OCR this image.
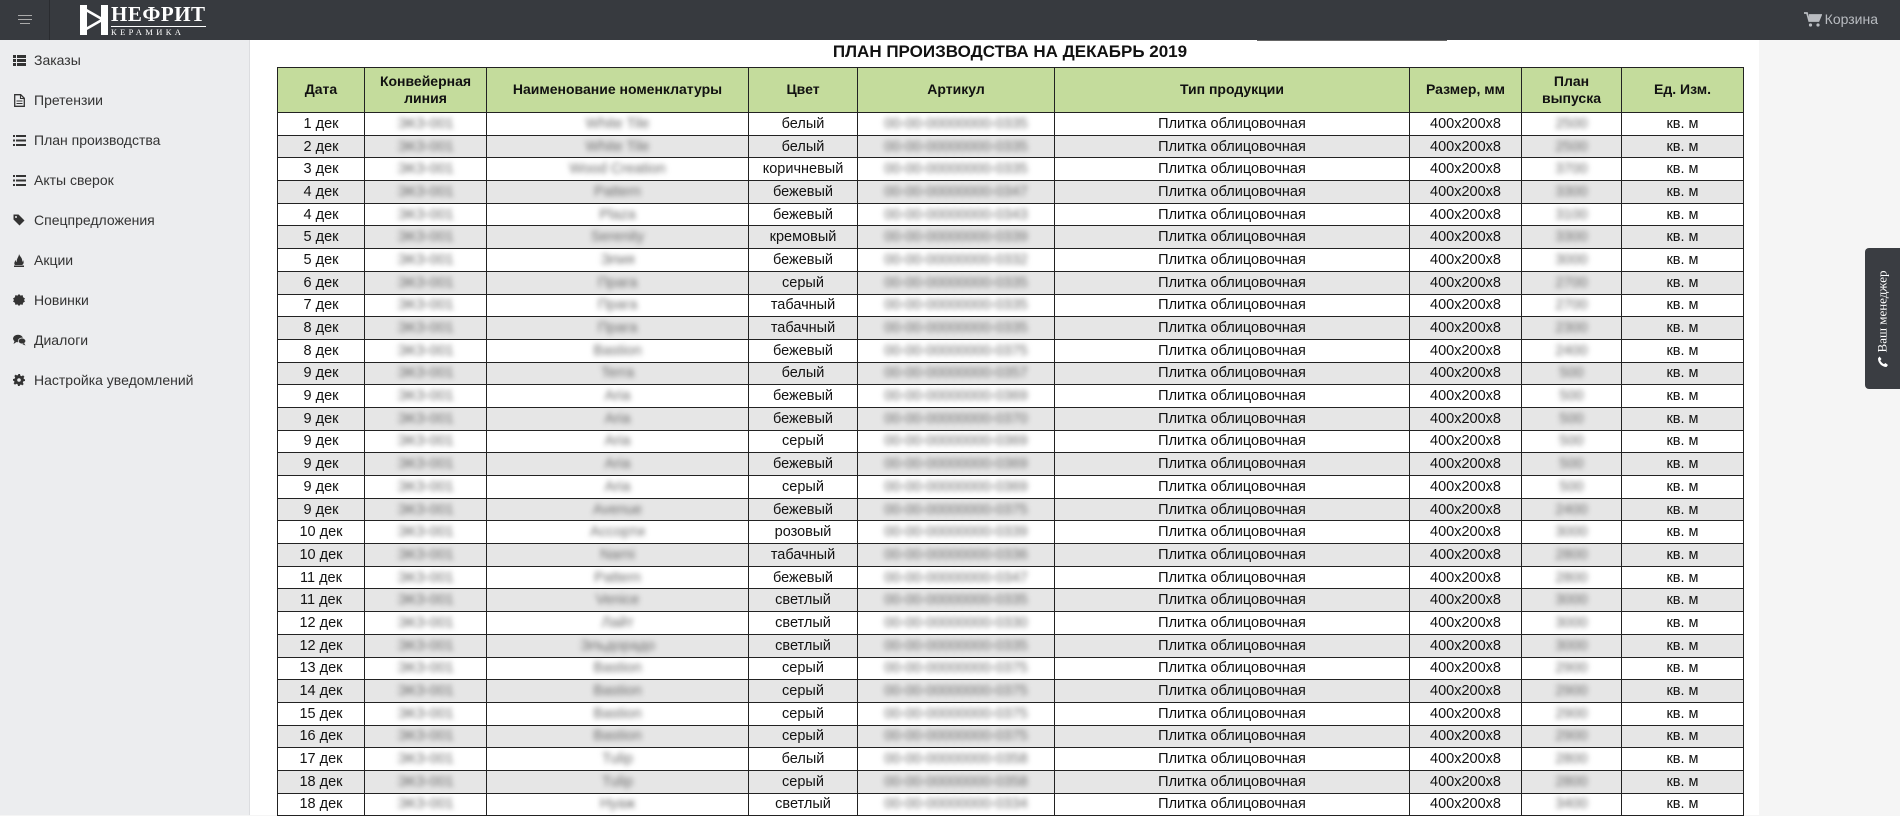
НЕФРИТ
КЕРАМИКА
Корзина
Заказы
Претензии
План производства
Акты сверок
Спецпредложения
Акции
Новинки
Диалоги
Настройка уведомлений
ПЛАН ПРОИЗВОДСТВА НА ДЕКАБРЬ 2019
Дата	Конвейерная линия	Наименование номенклатуры	Цвет	Артикул	Тип продукции	Размер, мм	План выпуска	Ед. Изм.
1 дек	ЭКЗ-001	White Tile	белый	00-00-00000000-0335	Плитка облицовочная	400x200x8	2500	кв. м
2 дек	ЭКЗ-001	White Tile	белый	00-00-00000000-0335	Плитка облицовочная	400x200x8	2500	кв. м
3 дек	ЭКЗ-001	Wood Creation	коричневый	00-00-00000000-0335	Плитка облицовочная	400x200x8	3700	кв. м
4 дек	ЭКЗ-001	Pattern	бежевый	00-00-00000000-0347	Плитка облицовочная	400x200x8	3300	кв. м
4 дек	ЭКЗ-001	Plaza	бежевый	00-00-00000000-0343	Плитка облицовочная	400x200x8	3100	кв. м
5 дек	ЭКЗ-001	Serenity	кремовый	00-00-00000000-0339	Плитка облицовочная	400x200x8	3300	кв. м
5 дек	ЭКЗ-001	Элия	бежевый	00-00-00000000-0332	Плитка облицовочная	400x200x8	3000	кв. м
6 дек	ЭКЗ-001	Прага	серый	00-00-00000000-0335	Плитка облицовочная	400x200x8	2700	кв. м
7 дек	ЭКЗ-001	Прага	табачный	00-00-00000000-0335	Плитка облицовочная	400x200x8	2700	кв. м
8 дек	ЭКЗ-001	Прага	табачный	00-00-00000000-0335	Плитка облицовочная	400x200x8	2300	кв. м
8 дек	ЭКЗ-001	Bastion	бежевый	00-00-00000000-0375	Плитка облицовочная	400x200x8	2400	кв. м
9 дек	ЭКЗ-001	Terra	белый	00-00-00000000-0357	Плитка облицовочная	400x200x8	500	кв. м
9 дек	ЭКЗ-001	Aria	бежевый	00-00-00000000-0369	Плитка облицовочная	400x200x8	500	кв. м
9 дек	ЭКЗ-001	Aria	бежевый	00-00-00000000-0370	Плитка облицовочная	400x200x8	500	кв. м
9 дек	ЭКЗ-001	Aria	серый	00-00-00000000-0369	Плитка облицовочная	400x200x8	500	кв. м
9 дек	ЭКЗ-001	Aria	бежевый	00-00-00000000-0369	Плитка облицовочная	400x200x8	500	кв. м
9 дек	ЭКЗ-001	Aria	серый	00-00-00000000-0369	Плитка облицовочная	400x200x8	500	кв. м
9 дек	ЭКЗ-001	Avenue	бежевый	00-00-00000000-0375	Плитка облицовочная	400x200x8	2400	кв. м
10 дек	ЭКЗ-001	Ассорти	розовый	00-00-00000000-0339	Плитка облицовочная	400x200x8	3000	кв. м
10 дек	ЭКЗ-001	Narni	табачный	00-00-00000000-0336	Плитка облицовочная	400x200x8	2800	кв. м
11 дек	ЭКЗ-001	Pattern	бежевый	00-00-00000000-0347	Плитка облицовочная	400x200x8	2800	кв. м
11 дек	ЭКЗ-001	Venice	светлый	00-00-00000000-0335	Плитка облицовочная	400x200x8	3000	кв. м
12 дек	ЭКЗ-001	Лайт	светлый	00-00-00000000-0330	Плитка облицовочная	400x200x8	3000	кв. м
12 дек	ЭКЗ-001	Эльдорадо	светлый	00-00-00000000-0335	Плитка облицовочная	400x200x8	3000	кв. м
13 дек	ЭКЗ-001	Bastion	серый	00-00-00000000-0375	Плитка облицовочная	400x200x8	2900	кв. м
14 дек	ЭКЗ-001	Bastion	серый	00-00-00000000-0375	Плитка облицовочная	400x200x8	2900	кв. м
15 дек	ЭКЗ-001	Bastion	серый	00-00-00000000-0375	Плитка облицовочная	400x200x8	2900	кв. м
16 дек	ЭКЗ-001	Bastion	серый	00-00-00000000-0375	Плитка облицовочная	400x200x8	2900	кв. м
17 дек	ЭКЗ-001	Tulip	белый	00-00-00000000-0358	Плитка облицовочная	400x200x8	2800	кв. м
18 дек	ЭКЗ-001	Tulip	серый	00-00-00000000-0358	Плитка облицовочная	400x200x8	2800	кв. м
18 дек	ЭКЗ-001	Нуаж	светлый	00-00-00000000-0334	Плитка облицовочная	400x200x8	3400	кв. м
Ваш менеджер
